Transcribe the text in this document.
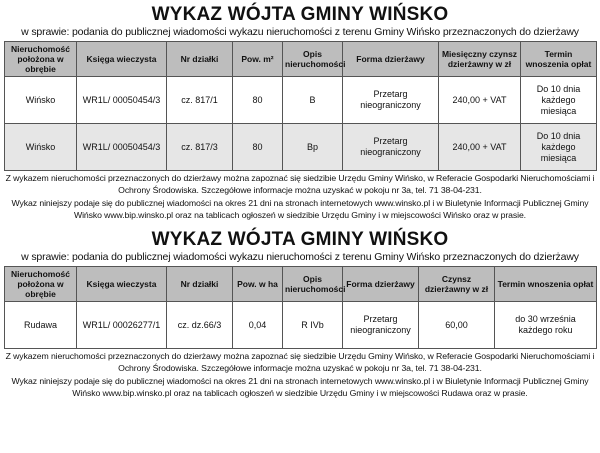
WYKAZ WÓJTA GMINY WIŃSKO

w sprawie: podania do publicznej wiadomości wykazu nieruchomości z terenu Gminy Wińsko przeznaczonych do dzierżawy

Nieruchomość położona w obrębie	Księga wieczysta	Nr działki	Pow. m²	Opis nieruchomości	Forma dzierżawy	Miesięczny czynsz dzierżawny w zł	Termin wnoszenia opłat
Wińsko	WR1L/ 00050454/3	cz. 817/1	80	B	Przetarg nieograniczony	240,00 + VAT	Do 10 dnia każdego miesiąca
Wińsko	WR1L/ 00050454/3	cz. 817/3	80	Bp	Przetarg nieograniczony	240,00 + VAT	Do 10 dnia każdego miesiąca

Z wykazem nieruchomości przeznaczonych do dzierżawy można zapoznać się siedzibie Urzędu Gminy Wińsko, w Referacie Gospodarki Nieruchomościami i Ochrony Środowiska. Szczegółowe informacje można uzyskać w pokoju nr 3a, tel. 71 38-04-231.

Wykaz niniejszy podaje się do publicznej wiadomości na okres 21 dni na stronach internetowych www.winsko.pl i w Biuletynie Informacji Publicznej Gminy Wińsko www.bip.winsko.pl oraz na tablicach ogłoszeń w siedzibie Urzędu Gminy i w miejscowości Wińsko oraz w prasie.

WYKAZ WÓJTA GMINY WIŃSKO

w sprawie: podania do publicznej wiadomości wykazu nieruchomości z terenu Gminy Wińsko przeznaczonych do dzierżawy

Nieruchomość położona w obrębie	Księga wieczysta	Nr działki	Pow. w ha	Opis nieruchomości	Forma dzierżawy	Czynsz dzierżawny w zł	Termin wnoszenia opłat
Rudawa	WR1L/ 00026277/1	cz. dz.66/3	0,04	R IVb	Przetarg nieograniczony	60,00	do 30 września każdego roku

Z wykazem nieruchomości przeznaczonych do dzierżawy można zapoznać się siedzibie Urzędu Gminy Wińsko, w Referacie Gospodarki Nieruchomościami i Ochrony Środowiska. Szczegółowe informacje można uzyskać w pokoju nr 3a, tel. 71 38-04-231.

Wykaz niniejszy podaje się do publicznej wiadomości na okres 21 dni na stronach internetowych www.winsko.pl i w Biuletynie Informacji Publicznej Gminy Wińsko www.bip.winsko.pl oraz na tablicach ogłoszeń w siedzibie Urzędu Gminy i w miejscowości Rudawa oraz w prasie.
